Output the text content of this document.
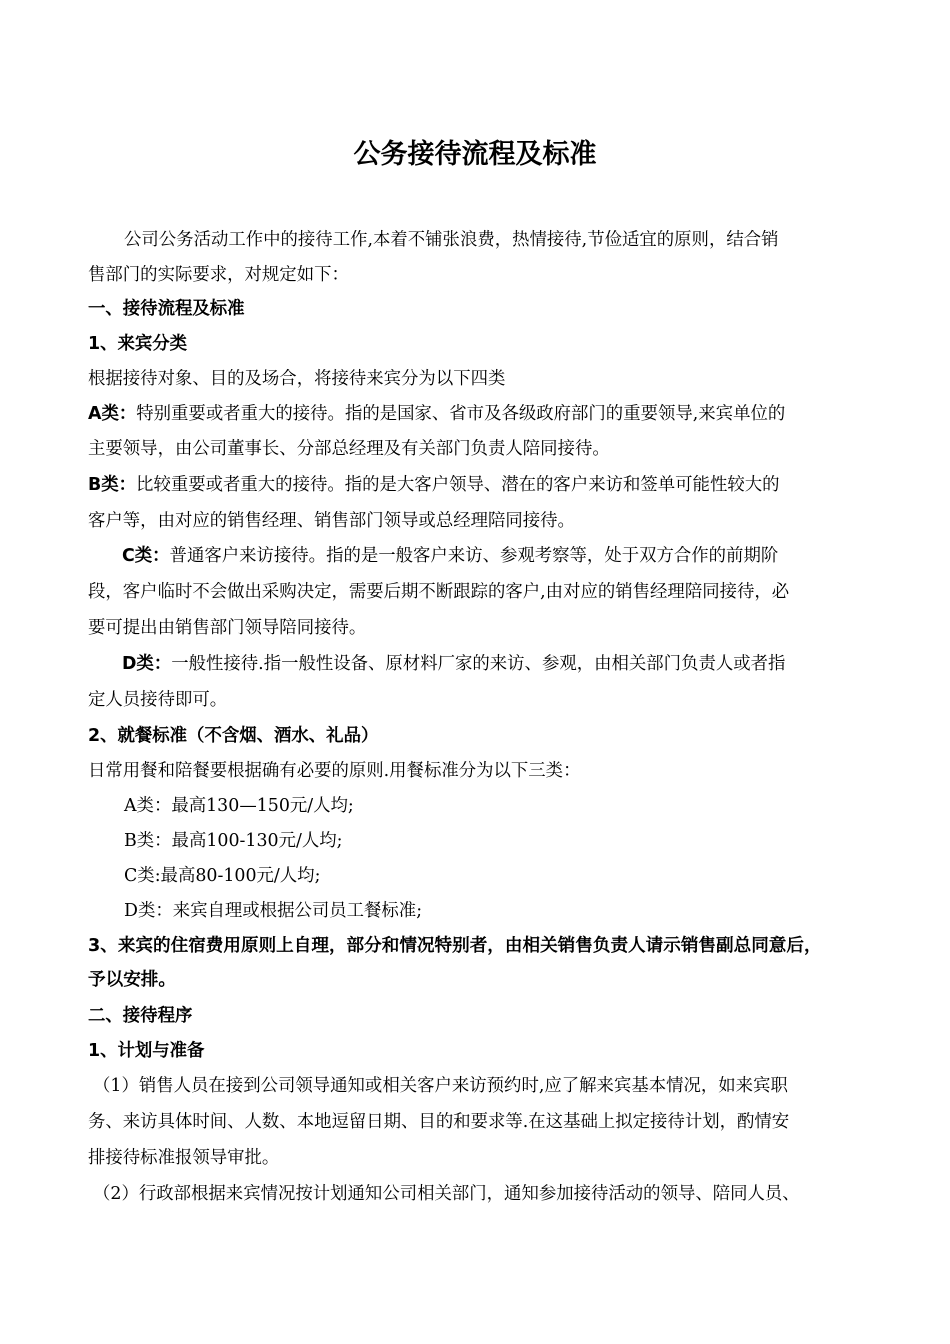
公务接待流程及标准
公司公务活动工作中的接待工作,本着不铺张浪费，热情接待,节俭适宜的原则，结合销
售部门的实际要求，对规定如下：
一、接待流程及标准
1、来宾分类
根据接待对象、目的及场合，将接待来宾分为以下四类
A类：特别重要或者重大的接待。指的是国家、省市及各级政府部门的重要领导,来宾单位的
主要领导，由公司董事长、分部总经理及有关部门负责人陪同接待。
B类：比较重要或者重大的接待。指的是大客户领导、潜在的客户来访和签单可能性较大的
客户等，由对应的销售经理、销售部门领导或总经理陪同接待。
C类：普通客户来访接待。指的是一般客户来访、参观考察等，处于双方合作的前期阶
段，客户临时不会做出采购决定，需要后期不断跟踪的客户,由对应的销售经理陪同接待，必
要可提出由销售部门领导陪同接待。
D类：一般性接待.指一般性设备、原材料厂家的来访、参观，由相关部门负责人或者指
定人员接待即可。
2、就餐标准（不含烟、酒水、礼品）
日常用餐和陪餐要根据确有必要的原则.用餐标准分为以下三类：
A类：最高130—150元/人均;
B类：最高100-130元/人均;
C类:最高80-100元/人均;
D类：来宾自理或根据公司员工餐标准;
3、来宾的住宿费用原则上自理，部分和情况特别者，由相关销售负责人请示销售副总同意后，
予以安排。
二、接待程序
1、计划与准备
（1）销售人员在接到公司领导通知或相关客户来访预约时,应了解来宾基本情况，如来宾职
务、来访具体时间、人数、本地逗留日期、目的和要求等.在这基础上拟定接待计划，酌情安
排接待标准报领导审批。
（2）行政部根据来宾情况按计划通知公司相关部门，通知参加接待活动的领导、陪同人员、
